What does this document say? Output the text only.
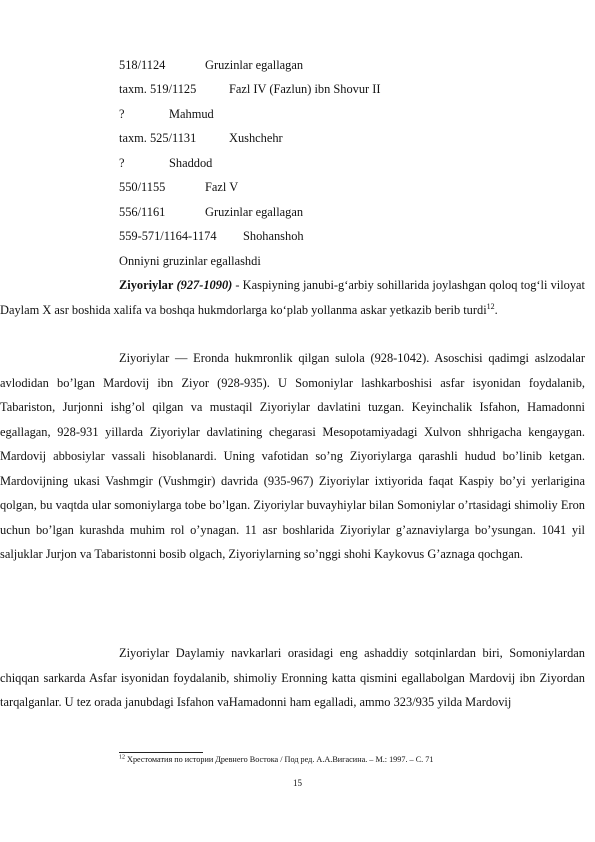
518/1124	Gruzinlar egallagan
taxm. 519/1125	Fazl IV (Fazlun) ibn Shovur II
?	Mahmud
taxm. 525/1131	Xushchehr
?	Shaddod
550/1155	Fazl V
556/1161	Gruzinlar egallagan
559-571/1164-1174 Shohanshoh
Onniyni gruzinlar egallashdi

Ziyoriylar (927-1090) - Kaspiyning janubi-g‘arbiy sohillarida joylashgan qoloq tog‘li viloyat Daylam X asr boshida xalifa va boshqa hukmdorlarga ko‘plab yollanma askar yetkazib berib turdi$^{12}$.

Ziyoriylar — Eronda hukmronlik qilgan sulola (928-1042). Asoschisi qadimgi aslzodalar avlodidan bo’lgan Mardovij ibn Ziyor (928-935). U Somoniylar lashkarboshisi asfar isyonidan foydalanib, Tabariston, Jurjonni ishg’ol qilgan va mustaqil Ziyoriylar davlatini tuzgan. Keyinchalik Isfahon, Hamadonni egallagan, 928-931 yillarda Ziyoriylar davlatining chegarasi Mesopotamiyadagi Xulvon shhrigacha kengaygan. Mardovij abbosiylar vassali hisoblanardi. Uning vafotidan so’ng Ziyoriylarga qarashli hudud bo’linib ketgan. Mardovijning ukasi Vashmgir (Vushmgir) davrida (935-967) Ziyoriylar ixtiyorida faqat Kaspiy bo’yi yerlarigina qolgan, bu vaqtda ular somoniylarga tobe bo’lgan. Ziyoriylar buvayhiylar bilan Somoniylar o’rtasidagi shimoliy Eron uchun bo’lgan kurashda muhim rol o’ynagan. 11 asr boshlarida Ziyoriylar g’aznaviylarga bo’ysungan. 1041 yil saljuklar Jurjon va Tabaristonni bosib olgach, Ziyoriylarning so’nggi shohi Kaykovus G’aznaga qochgan.

Ziyoriylar Daylamiy navkarlari orasidagi eng ashaddiy sotqinlardan biri, Somoniylardan chiqqan sarkarda Asfar isyonidan foydalanib, shimoliy Eronning katta qismini egallabolgan Mardovij ibn Ziyordan tarqalganlar. U tez orada janubdagi Isfahon vaHamadonni ham egalladi, ammo 323/935 yilda Mardovij

$^{12}$ Хрестоматия по истории Древнего Востока / Под ред. А.А.Вигасина. – М.: 1997. – С. 71
15
